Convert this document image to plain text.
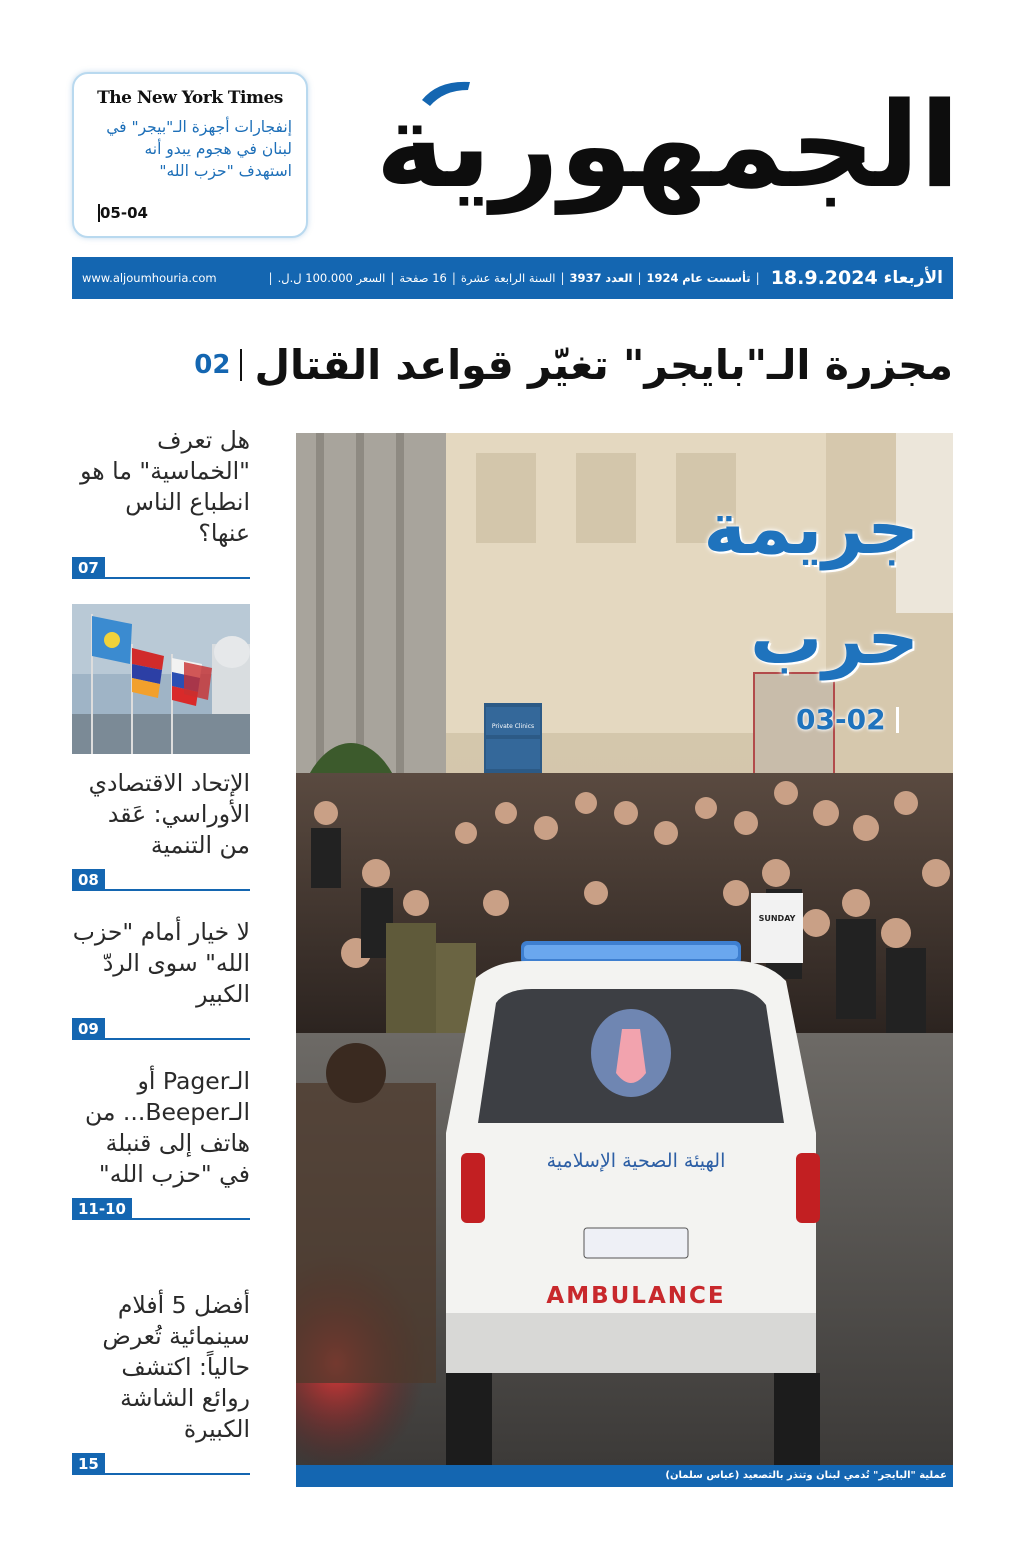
الجمهورية
The New York Times
إنفجارات أجهزة الـ"بيجر" في لبنان في هجوم يبدو أنه استهدف "حزب الله"
05-04
الأربعاء
18.9.2024
|
تأسست عام 1924
|
العدد 3937
|
السنة الرابعة عشرة
|
16 صفحة
|
السعر 100.000 ل.ل.
|
www.aljoumhouria.com
مجزرة الـ"بايجر" تغيّر قواعد القتال
02
Private Clinics
SUNDAY
الهيئة الصحية الإسلامية
AMBULANCE
جريمة
حرب
03-02
عملية "البايجر" تُدمي لبنان وتنذر بالتصعيد (عباس سلمان)
هل تعرف "الخماسية" ما هو انطباع الناس عنها؟
07
الإتحاد الاقتصادي الأوراسي: عَقد من التنمية
08
لا خيار أمام "حزب الله" سوى الردّ الكبير
09
الـPager أو الـBeeper... من هاتف إلى قنبلة في "حزب الله"
11-10
أفضل 5 أفلام سينمائية تُعرض حالياً: اكتشف روائع الشاشة الكبيرة
15
